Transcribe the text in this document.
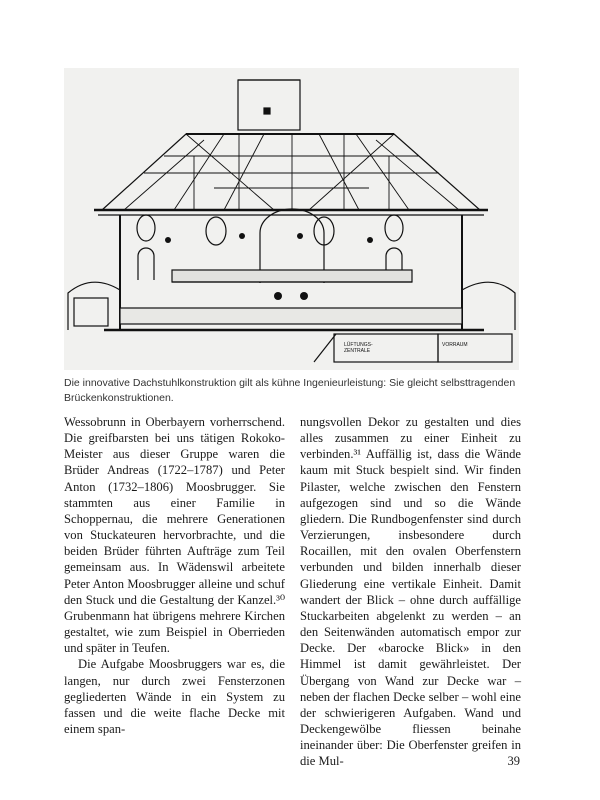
LÜFTUNGS-
ZENTRALE
VORRAUM
Die innovative Dachstuhlkonstruktion gilt als kühne Ingenieurleistung: Sie gleicht selbsttragenden Brückenkonstruktionen.

Wessobrunn in Oberbayern vorherrschend. Die greifbarsten bei uns tätigen Rokoko-Meister aus dieser Gruppe waren die Brüder Andreas (1722–1787) und Peter Anton (1732–1806) Moosbrugger. Sie stammten aus einer Familie in Schoppernau, die mehrere Generationen von Stuckateuren hervorbrachte, und die beiden Brüder führten Aufträge zum Teil gemeinsam aus. In Wädenswil arbeitete Peter Anton Moosbrugger alleine und schuf den Stuck und die Gestaltung der Kanzel.³⁰ Grubenmann hat übrigens mehrere Kirchen gestaltet, wie zum Beispiel in Oberrieden und später in Teufen.

Die Aufgabe Moosbruggers war es, die langen, nur durch zwei Fensterzonen gegliederten Wände in ein System zu fassen und die weite flache Decke mit einem span-

nungsvollen Dekor zu gestalten und dies alles zusammen zu einer Einheit zu verbinden.³¹ Auffällig ist, dass die Wände kaum mit Stuck bespielt sind. Wir finden Pilaster, welche zwischen den Fenstern aufgezogen sind und so die Wände gliedern. Die Rundbogenfenster sind durch Verzierungen, insbesondere durch Rocaillen, mit den ovalen Oberfenstern verbunden und bilden innerhalb dieser Gliederung eine vertikale Einheit. Damit wandert der Blick – ohne durch auffällige Stuckarbeiten abgelenkt zu werden – an den Seitenwänden automatisch empor zur Decke. Der «barocke Blick» in den Himmel ist damit gewährleistet. Der Übergang von Wand zur Decke war – neben der flachen Decke selber – wohl eine der schwierigeren Aufgaben. Wand und Deckengewölbe fliessen beinahe ineinander über: Die Oberfenster greifen in die Mul-	39
